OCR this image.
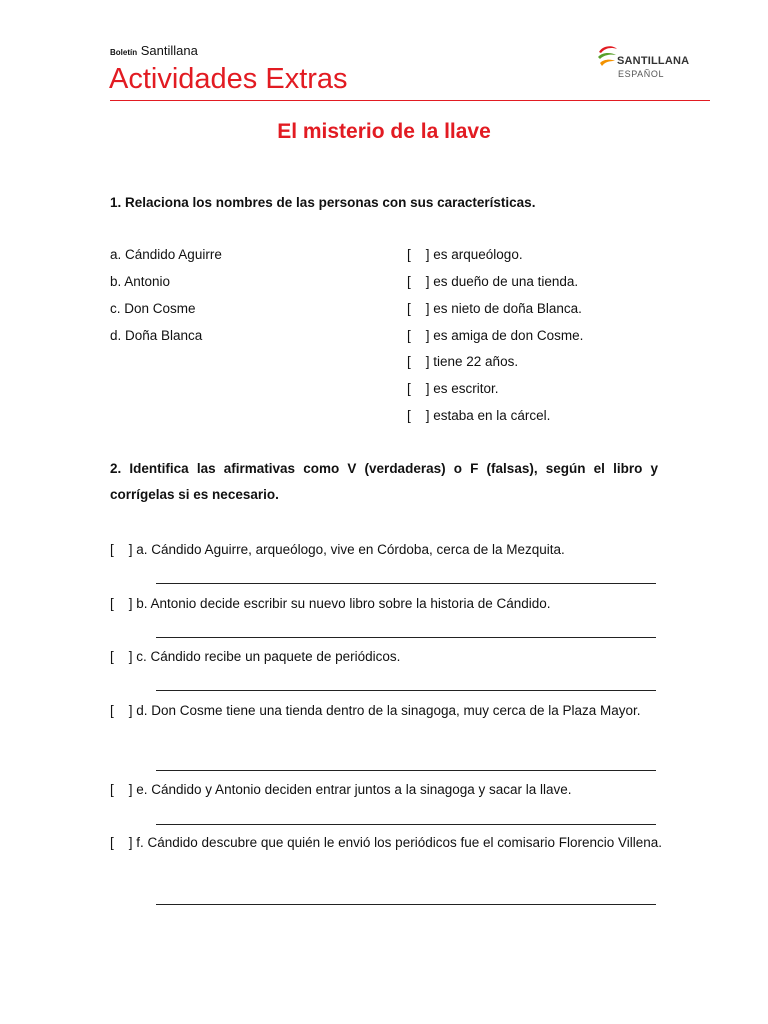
Boletín Santillana
Actividades Extras
SANTILLANA
ESPAÑOL
El misterio de la llave
1. Relaciona los nombres de las personas con sus características.
a. Cándido Aguirre
b. Antonio
c. Don Cosme
d. Doña Blanca
[    ] es arqueólogo.
[    ] es dueño de una tienda.
[    ] es nieto de doña Blanca.
[    ] es amiga de don Cosme.
[    ] tiene 22 años.
[    ] es escritor.
[    ] estaba en la cárcel.
2. Identifica las afirmativas como V (verdaderas) o F (falsas), según el libro y corrígelas si es necesario.
[    ] a. Cándido Aguirre, arqueólogo, vive en Córdoba, cerca de la Mezquita.
[    ] b. Antonio decide escribir su nuevo libro sobre la historia de Cándido.
[    ] c. Cándido recibe un paquete de periódicos.
[    ] d. Don Cosme tiene una tienda dentro de la sinagoga, muy cerca de la Plaza Mayor.
[    ] e. Cándido y Antonio deciden entrar juntos a la sinagoga y sacar la llave.
[    ] f. Cándido descubre que quién le envió los periódicos fue el comisario Florencio Villena.
